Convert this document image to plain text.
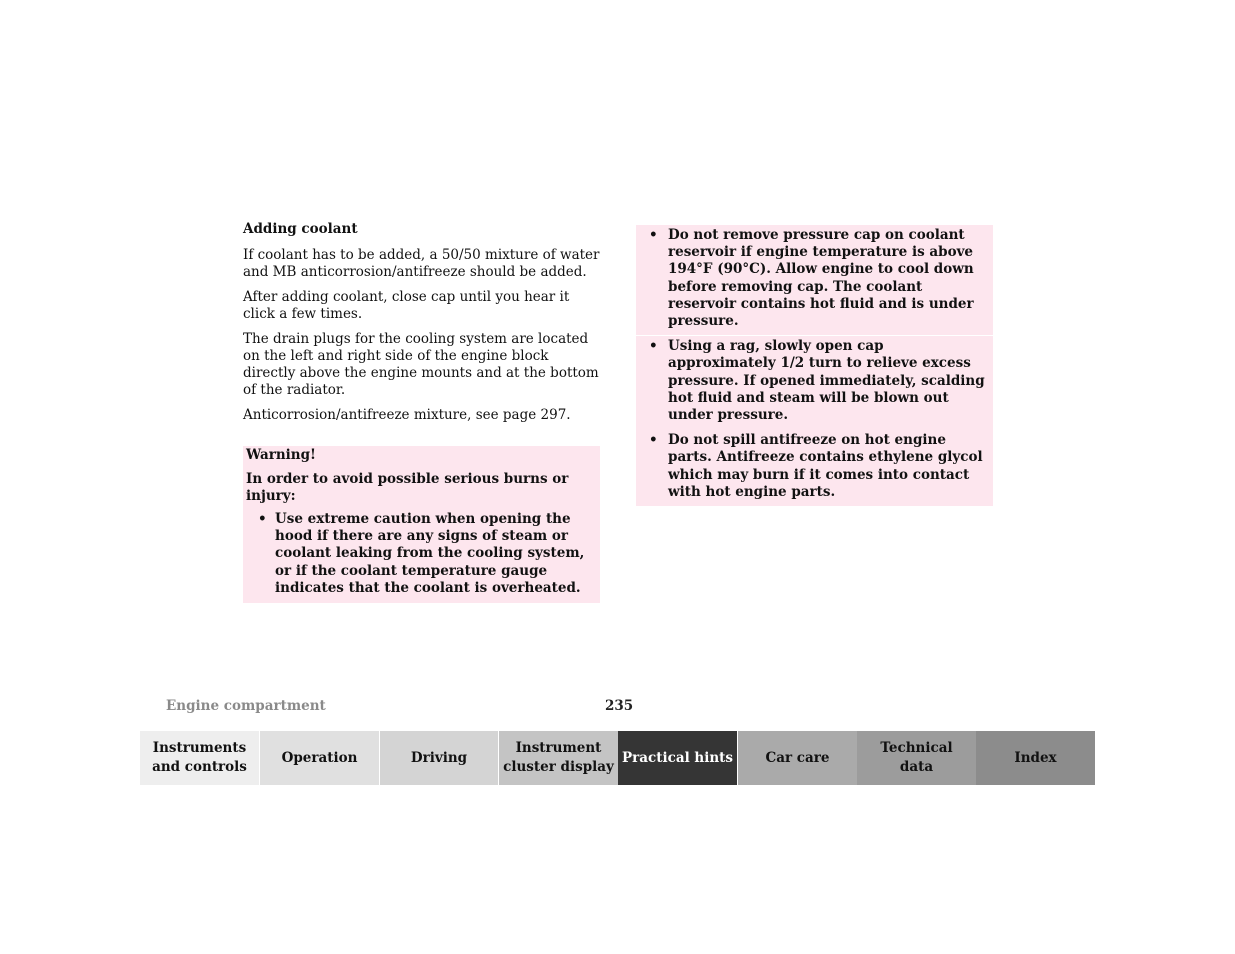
Adding coolant

If coolant has to be added, a 50/50 mixture of water and MB anticorrosion/antifreeze should be added.

After adding coolant, close cap until you hear it click a few times.

The drain plugs for the cooling system are located on the left and right side of the engine block directly above the engine mounts and at the bottom of the radiator.

Anticorrosion/antifreeze mixture, see page 297.

Warning!
In order to avoid possible serious burns or injury:
• Use extreme caution when opening the hood if there are any signs of steam or coolant leaking from the cooling system, or if the coolant temperature gauge indicates that the coolant is overheated.
• Do not remove pressure cap on coolant reservoir if engine temperature is above 194°F (90°C). Allow engine to cool down before removing cap. The coolant reservoir contains hot fluid and is under pressure.
• Using a rag, slowly open cap approximately 1/2 turn to relieve excess pressure. If opened immediately, scalding hot fluid and steam will be blown out under pressure.
• Do not spill antifreeze on hot engine parts. Antifreeze contains ethylene glycol which may burn if it comes into contact with hot engine parts.
Engine compartment	235
Instruments
and controls
Operation	Driving
Instrument
cluster display
Practical hints Car care
Technical
data
Index
